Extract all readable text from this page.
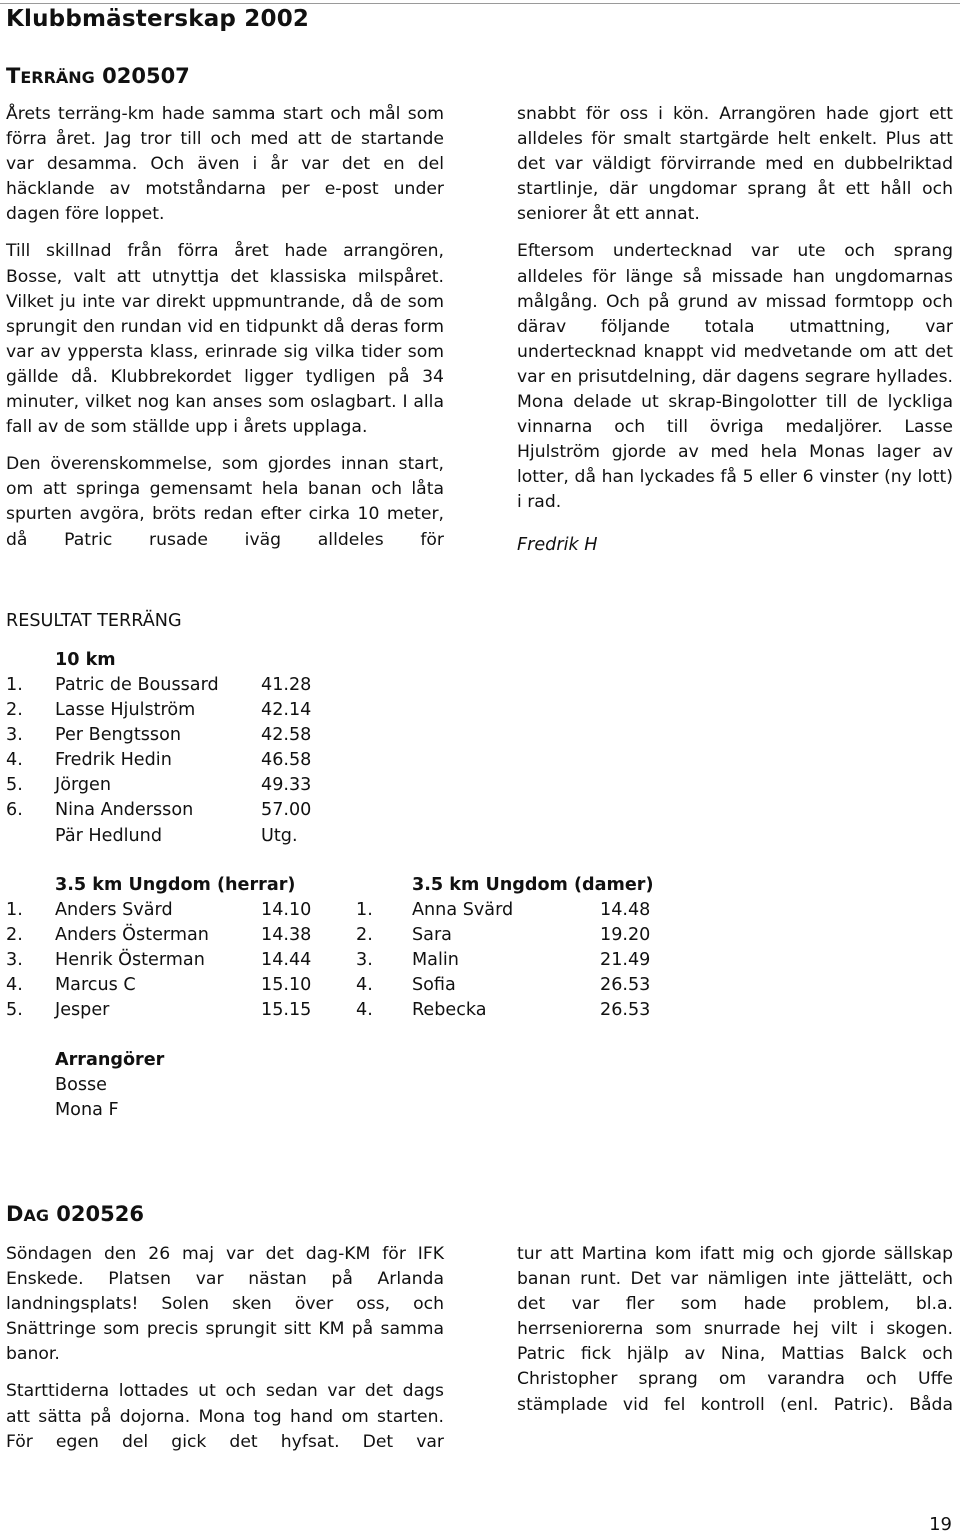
Klubbmästerskap 2002
TERRÄNG 020507

Årets terräng-km hade samma start och mål som förra året. Jag tror till och med att de startande var desamma. Och även i år var det en del häcklande av motståndarna per e-post under dagen före loppet.

Till skillnad från förra året hade arrangören, Bosse, valt att utnyttja det klassiska milspåret. Vilket ju inte var direkt uppmuntrande, då de som sprungit den rundan vid en tidpunkt då deras form var av yppersta klass, erinrade sig vilka tider som gällde då. Klubbrekordet ligger tydligen på 34 minuter, vilket nog kan anses som oslagbart. I alla fall av de som ställde upp i årets upplaga.

Den överenskommelse, som gjordes innan start, om att springa gemensamt hela banan och låta spurten avgöra, bröts redan efter cirka 10 meter, då Patric rusade iväg alldeles för

snabbt för oss i kön. Arrangören hade gjort ett alldeles för smalt startgärde helt enkelt. Plus att det var väldigt förvirrande med en dubbelriktad startlinje, där ungdomar sprang åt ett håll och seniorer åt ett annat.

Eftersom undertecknad var ute och sprang alldeles för länge så missade han ungdomarnas målgång. Och på grund av missad formtopp och därav följande totala utmattning, var undertecknad knappt vid medvetande om att det var en prisutdelning, där dagens segrare hyllades. Mona delade ut skrap-Bingolotter till de lyckliga vinnarna och till övriga medaljörer. Lasse Hjulström gjorde av med hela Monas lager av lotter, då han lyckades få 5 eller 6 vinster (ny lott) i rad.

Fredrik H
RESULTAT TERRÄNG
10 km
1.	Patric de Boussard	41.28
2.	Lasse Hjulström	42.14
3.	Per Bengtsson	42.58
4.	Fredrik Hedin	46.58
5.	Jörgen	49.33
6.	Nina Andersson	57.00
	Pär Hedlund	Utg.
3.5 km Ungdom (herrar)
1.	Anders Svärd	14.10
2.	Anders Österman	14.38
3.	Henrik Österman	14.44
4.	Marcus C	15.10
5.	Jesper	15.15
3.5 km Ungdom (damer)
1.	Anna Svärd	14.48
2.	Sara	19.20
3.	Malin	21.49
4.	Sofia	26.53
4.	Rebecka	26.53
Arrangörer
Bosse
Mona F
DAG 020526

Söndagen den 26 maj var det dag-KM för IFK Enskede. Platsen var nästan på Arlanda landningsplats! Solen sken över oss, och Snättringe som precis sprungit sitt KM på samma banor.

Starttiderna lottades ut och sedan var det dags att sätta på dojorna. Mona tog hand om starten. För egen del gick det hyfsat. Det var

tur att Martina kom ifatt mig och gjorde sällskap banan runt. Det var nämligen inte jättelätt, och det var fler som hade problem, bl.a. herrseniorerna som snurrade hej vilt i skogen. Patric fick hjälp av Nina, Mattias Balck och Christopher sprang om varandra och Uffe stämplade vid fel kontroll (enl. Patric). Båda

19
